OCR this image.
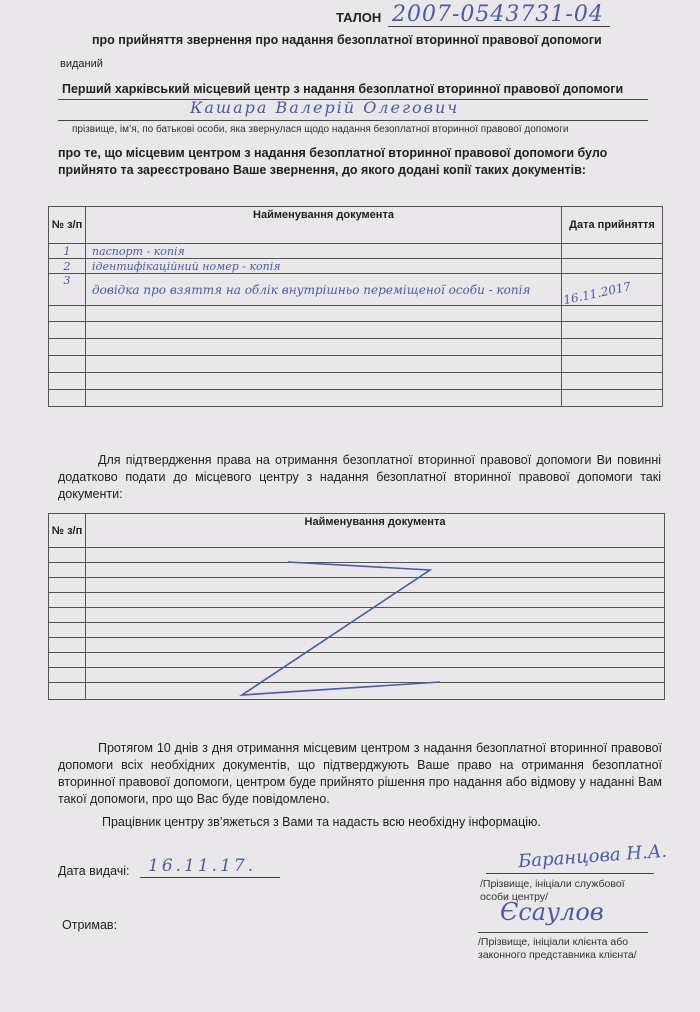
ТАЛОН 2007-0543731-04
про прийняття звернення про надання безоплатної вторинної правової допомоги
виданий
Перший харківський місцевий центр з надання безоплатної вторинної правової допомоги
Кашара Валерій Олегович
прізвище, ім’я, по батькові особи, яка звернулася щодо надання безоплатної вторинної правової допомоги
про те, що місцевим центром з надання безоплатної вторинної правової допомоги було прийнято та зареєстровано Ваше звернення, до якого додані копії таких документів:
№ з/п	Найменування документа	Дата прийняття
1	паспорт - копія	
2	ідентифікаційний номер - копія	
3	довідка про взяття на облік внутрішньо переміщеної особи - копія	16.11.2017

Для підтвердження права на отримання безоплатної вторинної правової допомоги Ви повинні додатково подати до місцевого центру з надання безоплатної вторинної правової допомоги такі документи:
№ з/п	Найменування документа

Протягом 10 днів з дня отримання місцевим центром з надання безоплатної вторинної правової допомоги всіх необхідних документів, що підтверджують Ваше право на отримання безоплатної вторинної правової допомоги, центром буде прийнято рішення про надання або відмову у наданні Вам такої допомоги, про що Вас буде повідомлено.
Працівник центру зв’яжеться з Вами та надасть всю необхідну інформацію.
Дата видачі: 16.11.17.	Баранцова Н.А.
/Прізвище, ініціали службової особи центру/
Отримав:	Єсаулов
/Прізвище, ініціали клієнта або законного представника клієнта/
